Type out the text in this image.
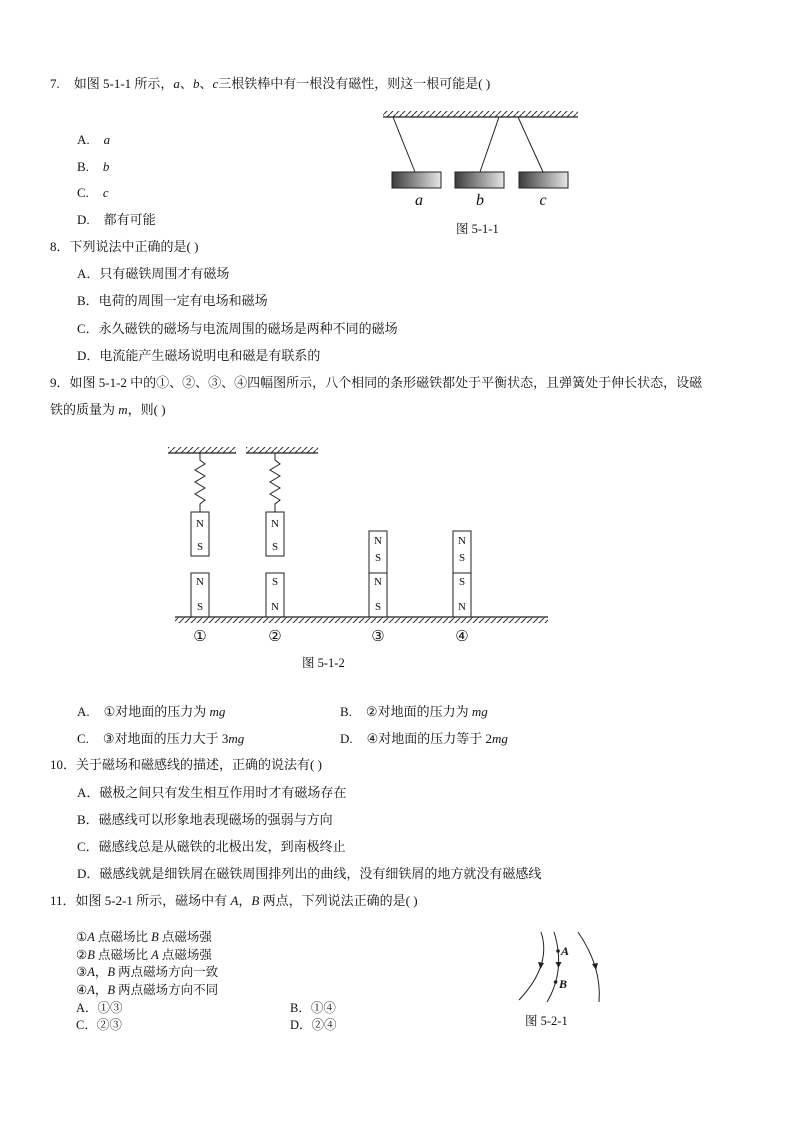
7. 如图 5-1-1 所示，a、b、c三根铁棒中有一根没有磁性，则这一根可能是( )
A. a
B. b
C. c
D. 都有可能
a	b	c
图 5-1-1
8．下列说法中正确的是( )
A．只有磁铁周围才有磁场
B．电荷的周围一定有电场和磁场
C．永久磁铁的磁场与电流周围的磁场是两种不同的磁场
D．电流能产生磁场说明电和磁是有联系的
9．如图 5-1-2 中的①、②、③、④四幅图所示，八个相同的条形磁铁都处于平衡状态，且弹簧处于伸长状态，设磁
铁的质量为 m，则( )
N
S
N
S
N
S
S
N
N
S
N
S
N
S
S
N
①	②	③	④
图 5-1-2
A. ①对地面的压力为 mg	B. ②对地面的压力为 mg
C. ③对地面的压力大于 3mg	D. ④对地面的压力等于 2mg
10．关于磁场和磁感线的描述，正确的说法有( )
A．磁极之间只有发生相互作用时才有磁场存在
B．磁感线可以形象地表现磁场的强弱与方向
C．磁感线总是从磁铁的北极出发，到南极终止
D．磁感线就是细铁屑在磁铁周围排列出的曲线，没有细铁屑的地方就没有磁感线
11．如图 5-2-1 所示，磁场中有 A，B 两点，下列说法正确的是( )
①A 点磁场比 B 点磁场强
②B 点磁场比 A 点磁场强
③A，B 两点磁场方向一致
④A，B 两点磁场方向不同
A．①③	B．①④
C．②③	D．②④
A
B
图 5-2-1
